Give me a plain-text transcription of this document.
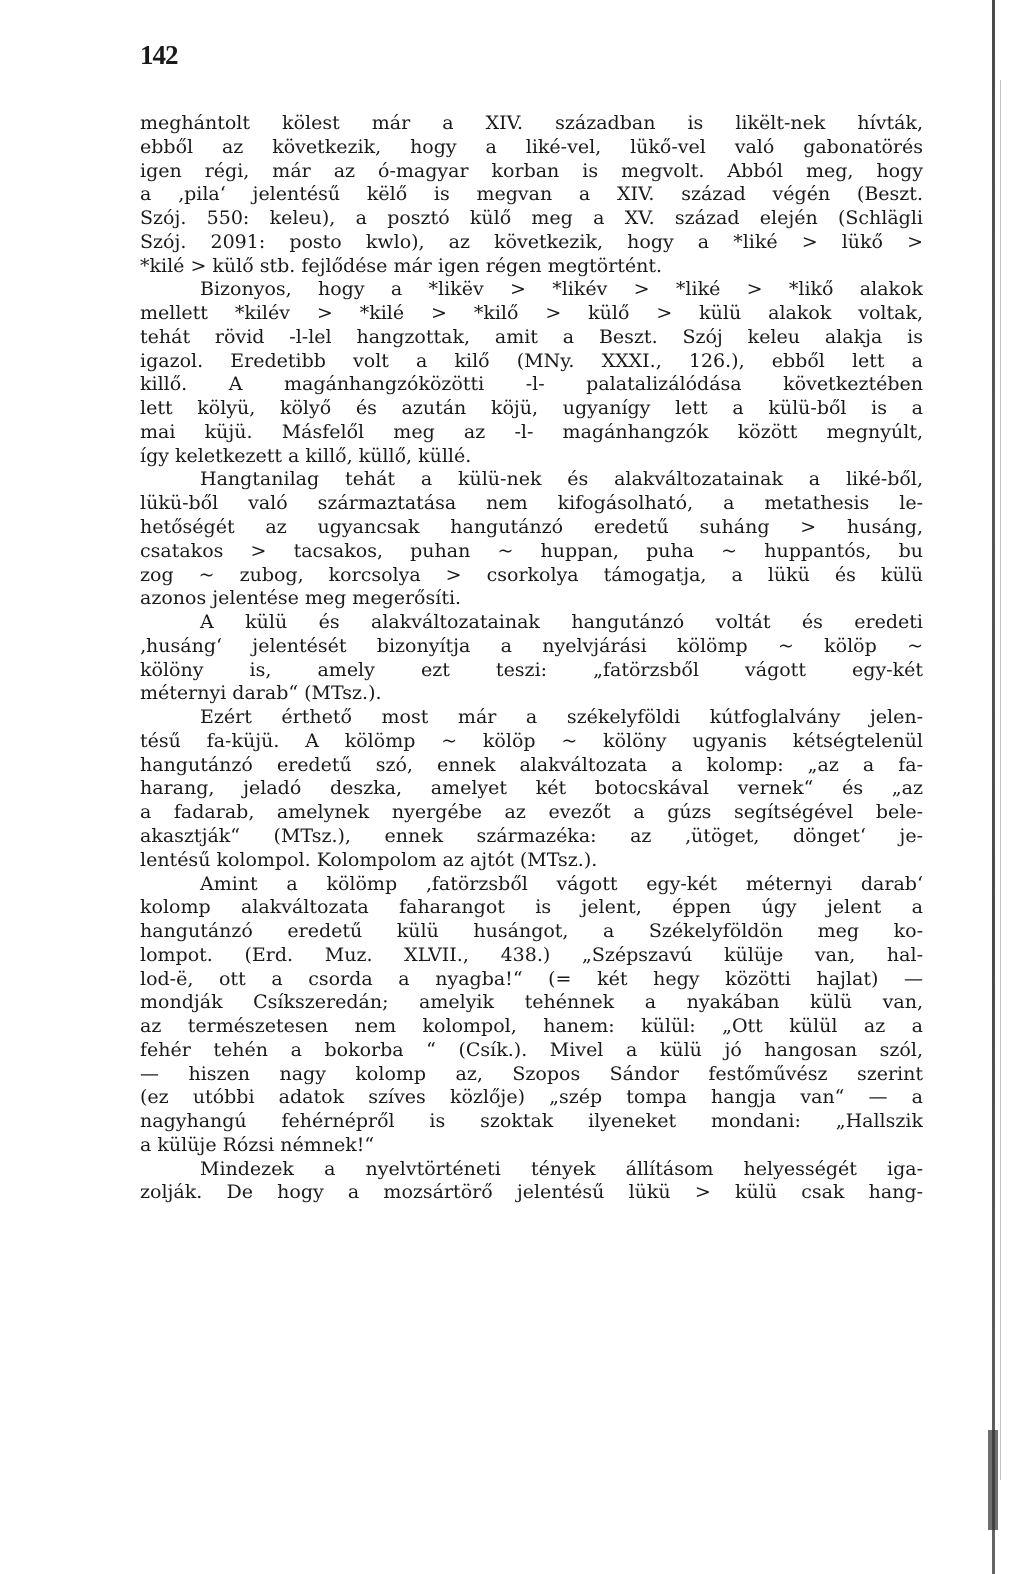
142
meghántolt kölest már a XIV. században is likëlt-nek hívták,
ebből az következik, hogy a liké-vel, lükő-vel való gabonatörés
igen régi, már az ó-magyar korban is megvolt. Abból meg, hogy
a ‚pila‘ jelentésű këlő is megvan a XIV. század végén (Beszt.
Szój. 550: keleu), a posztó külő meg a XV. század elején (Schlägli
Szój. 2091: posto kwlo), az következik, hogy a *liké > lükő >
*kilé > külő stb. fejlődése már igen régen megtörtént.
Bizonyos, hogy a *likëv > *likév > *liké > *likő alakok
mellett *kilév > *kilé > *kilő > külő > külü alakok voltak,
tehát rövid -l-lel hangzottak, amit a Beszt. Szój keleu alakja is
igazol. Eredetibb volt a kilő (MNy. XXXI., 126.), ebből lett a
killő. A magánhangzóközötti -l- palatalizálódása következtében
lett kölyü, kölyő és azután köjü, ugyanígy lett a külü-ből is a
mai küjü. Másfelől meg az -l- magánhangzók között megnyúlt,
így keletkezett a killő, küllő, küllé.
Hangtanilag tehát a külü-nek és alakváltozatainak a liké-ből,
lükü-ből való származtatása nem kifogásolható, a metathesis le-
hetőségét az ugyancsak hangutánzó eredetű suháng > husáng,
csatakos > tacsakos, puhan ~ huppan, puha ~ huppantós, bu
zog ~ zubog, korcsolya > csorkolya támogatja, a lükü és külü
azonos jelentése meg megerősíti.
A külü és alakváltozatainak hangutánzó voltát és eredeti
‚husáng‘ jelentését bizonyítja a nyelvjárási kölömp ~ kölöp ~
kölöny is, amely ezt teszi: „fatörzsből vágott egy-két
méternyi darab“ (MTsz.).
Ezért érthető most már a székelyföldi kútfoglalvány jelen-
tésű fa-küjü. A kölömp ~ kölöp ~ kölöny ugyanis kétségtelenül
hangutánzó eredetű szó, ennek alakváltozata a kolomp: „az a fa-
harang, jeladó deszka, amelyet két botocskával vernek“ és „az
a fadarab, amelynek nyergébe az evezőt a gúzs segítségével bele-
akasztják“ (MTsz.), ennek származéka: az ‚ütöget, dönget‘ je-
lentésű kolompol. Kolompolom az ajtót (MTsz.).
Amint a kölömp ‚fatörzsből vágott egy-két méternyi darab‘
kolomp alakváltozata faharangot is jelent, éppen úgy jelent a
hangutánzó eredetű külü husángot, a Székelyföldön meg ko-
lompot. (Erd. Muz. XLVII., 438.) „Szépszavú külüje van, hal-
lod-ë, ott a csorda a nyagba!“ (= két hegy közötti hajlat) —
mondják Csíkszeredán; amelyik tehénnek a nyakában külü van,
az természetesen nem kolompol, hanem: külül: „Ott külül az a
fehér tehén a bokorba “ (Csík.). Mivel a külü jó hangosan szól,
— hiszen nagy kolomp az, Szopos Sándor festőművész szerint
(ez utóbbi adatok szíves közlője) „szép tompa hangja van“ — a
nagyhangú fehérnépről is szoktak ilyeneket mondani: „Hallszik
a külüje Rózsi némnek!“
Mindezek a nyelvtörténeti tények állításom helyességét iga-
zolják. De hogy a mozsártörő jelentésű lükü > külü csak hang-
